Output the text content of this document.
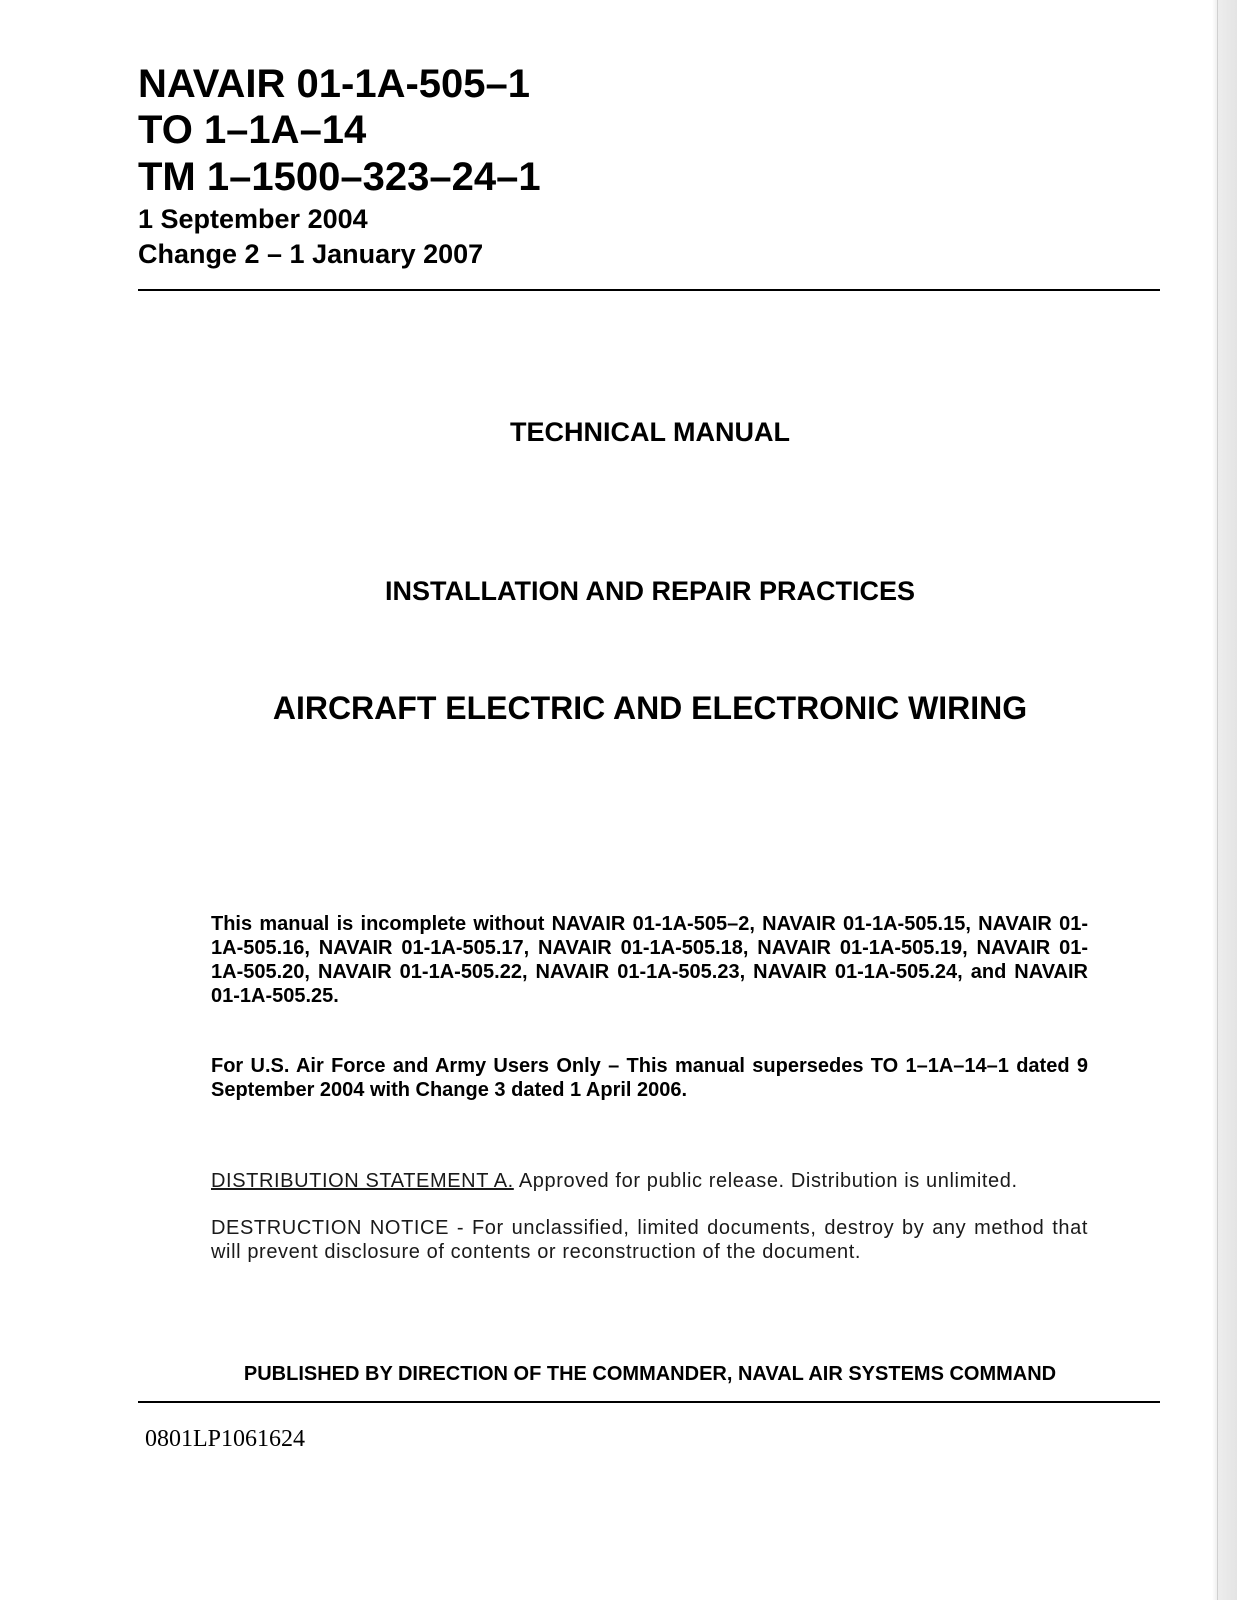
NAVAIR 01-1A-505–1
TO 1–1A–14
TM 1–1500–323–24–1
1 September 2004
Change 2 – 1 January 2007
TECHNICAL MANUAL
INSTALLATION AND REPAIR PRACTICES
AIRCRAFT ELECTRIC AND ELECTRONIC WIRING
This manual is incomplete without NAVAIR 01-1A-505–2, NAVAIR 01-1A-505.15, NAVAIR 01-1A-505.16, NAVAIR 01-1A-505.17, NAVAIR 01-1A-505.18, NAVAIR 01-1A-505.19, NAVAIR 01-1A-505.20, NAVAIR 01-1A-505.22, NAVAIR 01-1A-505.23, NAVAIR 01-1A-505.24, and NAVAIR 01-1A-505.25.
For U.S. Air Force and Army Users Only – This manual supersedes TO 1–1A–14–1 dated 9 September 2004 with Change 3 dated 1 April 2006.
DISTRIBUTION STATEMENT A. Approved for public release. Distribution is unlimited.
DESTRUCTION NOTICE - For unclassified, limited documents, destroy by any method that will prevent disclosure of contents or reconstruction of the document.
PUBLISHED BY DIRECTION OF THE COMMANDER, NAVAL AIR SYSTEMS COMMAND
0801LP1061624
